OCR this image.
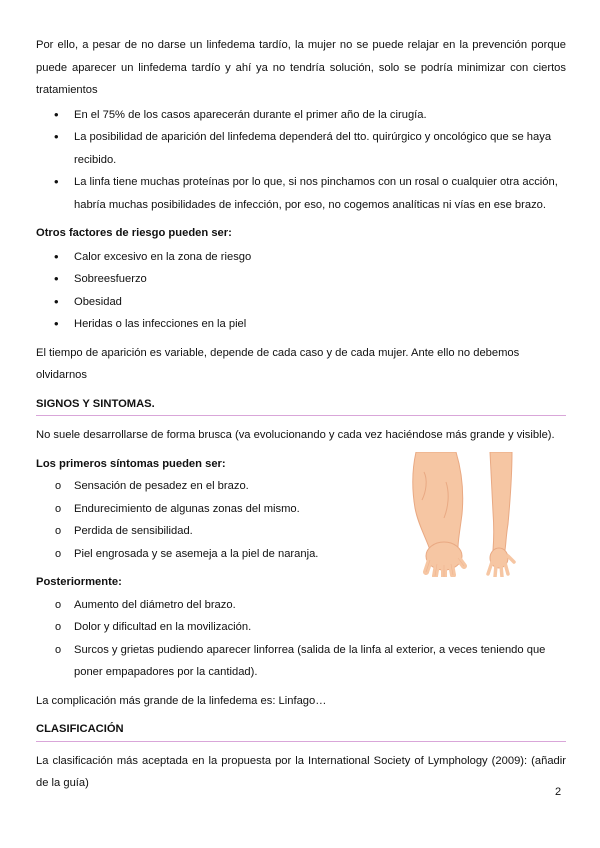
Por ello, a pesar de no darse un linfedema tardío, la mujer no se puede relajar en la prevención porque puede aparecer un linfedema tardío y ahí ya no tendría solución, solo se podría minimizar con ciertos tratamientos

• En el 75% de los casos aparecerán durante el primer año de la cirugía.
• La posibilidad de aparición del linfedema dependerá del tto. quirúrgico y oncológico que se haya recibido.
• La linfa tiene muchas proteínas por lo que, si nos pinchamos con un rosal o cualquier otra acción, habría muchas posibilidades de infección, por eso, no cogemos analíticas ni vías en ese brazo.

Otros factores de riesgo pueden ser:

• Calor excesivo en la zona de riesgo
• Sobreesfuerzo
• Obesidad
• Heridas o las infecciones en la piel

El tiempo de aparición es variable, depende de cada caso y de cada mujer. Ante ello no debemos olvidarnos

SIGNOS Y SINTOMAS.

No suele desarrollarse de forma brusca (va evolucionando y cada vez haciéndose más grande y visible).

Los primeros síntomas pueden ser:

o Sensación de pesadez en el brazo.
o Endurecimiento de algunas zonas del mismo.
o Perdida de sensibilidad.
o Piel engrosada y se asemeja a la piel de naranja.

Posteriormente:

o Aumento del diámetro del brazo.
o Dolor y dificultad en la movilización.
o Surcos y grietas pudiendo aparecer linforrea (salida de la linfa al exterior, a veces teniendo que poner empapadores por la cantidad).

La complicación más grande de la linfedema es: Linfago…

CLASIFICACIÓN

La clasificación más aceptada en la propuesta por la International Society of Lymphology (2009): (añadir de la guía)

2
